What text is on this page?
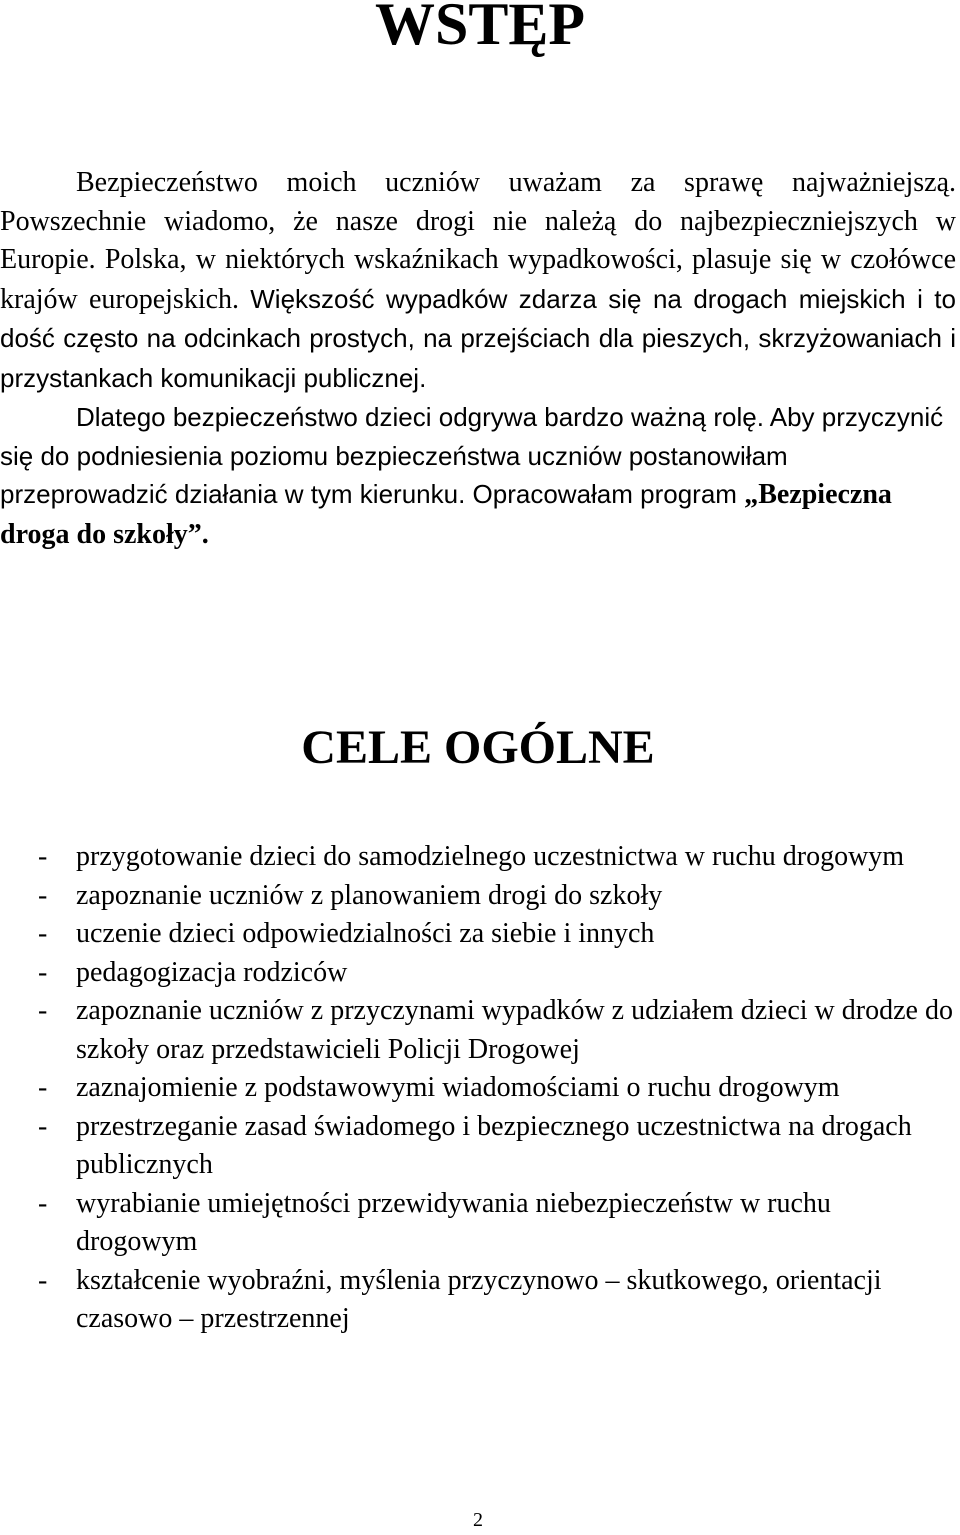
WSTĘP

Bezpieczeństwo moich uczniów uważam za sprawę najważniejszą. Powszechnie wiadomo, że nasze drogi nie należą do najbezpieczniejszych w Europie. Polska, w niektórych wskaźnikach wypadkowości, plasuje się w czołówce krajów europejskich. Większość wypadków zdarza się na drogach miejskich i to dość często na odcinkach prostych, na przejściach dla pieszych, skrzyżowaniach i przystankach komunikacji publicznej.

Dlatego bezpieczeństwo dzieci odgrywa bardzo ważną rolę. Aby przyczynić się do podniesienia poziomu bezpieczeństwa uczniów postanowiłam przeprowadzić działania w tym kierunku. Opracowałam program „Bezpieczna droga do szkoły”.

CELE OGÓLNE
- przygotowanie dzieci do samodzielnego uczestnictwa w ruchu drogowym
- zapoznanie uczniów z planowaniem drogi do szkoły
- uczenie dzieci odpowiedzialności za siebie i innych
- pedagogizacja rodziców
- zapoznanie uczniów z przyczynami wypadków z udziałem dzieci w drodze do szkoły oraz przedstawicieli Policji Drogowej
- zaznajomienie z podstawowymi wiadomościami o ruchu drogowym
- przestrzeganie zasad świadomego i bezpiecznego uczestnictwa na drogach publicznych
- wyrabianie umiejętności przewidywania niebezpieczeństw w ruchu drogowym
- kształcenie wyobraźni, myślenia przyczynowo – skutkowego, orientacji czasowo – przestrzennej
2
